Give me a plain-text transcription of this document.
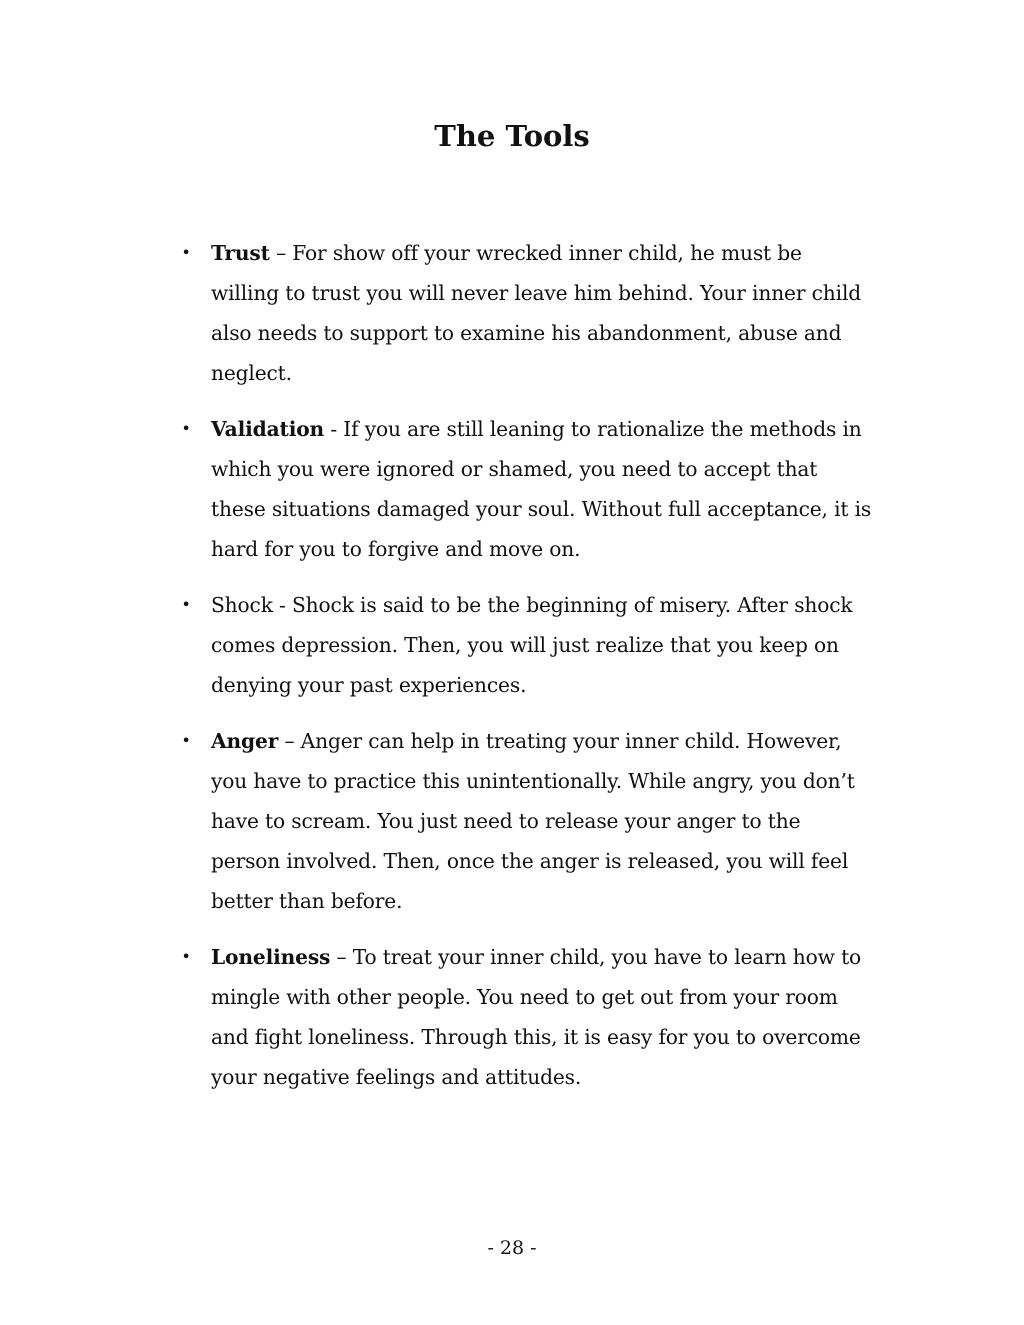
The Tools
• Trust – For show off your wrecked inner child, he must be willing to trust you will never leave him behind. Your inner child also needs to support to examine his abandonment, abuse and neglect.
• Validation - If you are still leaning to rationalize the methods in which you were ignored or shamed, you need to accept that these situations damaged your soul. Without full acceptance, it is hard for you to forgive and move on.
• Shock - Shock is said to be the beginning of misery. After shock comes depression. Then, you will just realize that you keep on denying your past experiences.
• Anger – Anger can help in treating your inner child. However, you have to practice this unintentionally. While angry, you don’t have to scream. You just need to release your anger to the person involved. Then, once the anger is released, you will feel better than before.
• Loneliness – To treat your inner child, you have to learn how to mingle with other people. You need to get out from your room and fight loneliness. Through this, it is easy for you to overcome your negative feelings and attitudes.
- 28 -
